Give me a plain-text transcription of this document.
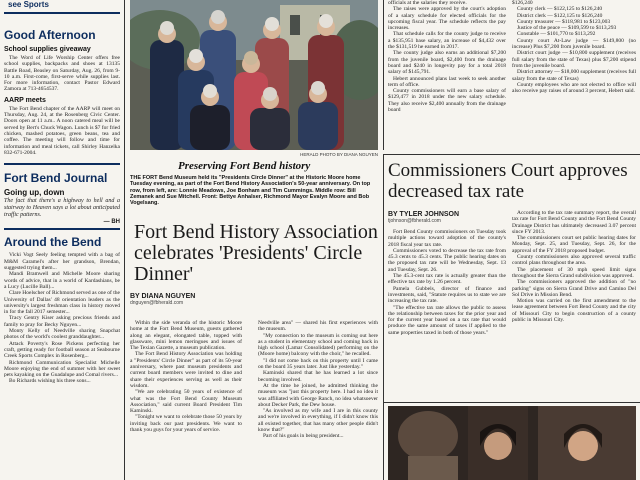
see Sports
Good Afternoon
School supplies giveaway

The Word of Life Worship Center offers free school supplies, backpacks and shoes at 13135 Battle Road, Beasley on Saturday, Aug. 26, from 9-10 a.m. First-come, first-serve while supplies last. For more information, contact Pastor Edward Zamora at 713-4654537.

AARP meets

The Fort Bend chapter of the AARP will meet on Thursday, Aug. 24, at the Rosenberg Civic Center. Doors open at 11 a.m.. A noon catered meal will be served by Bert's Chuck Wagon. Lunch is $7 for fried chicken, mashed potatoes, green beans, tea and coffee. The meeting will follow and time for information and meal tickets, call Shirley Hanzelka 832-671-2004.

Fort Bend Journal
Going up, down

The fact that there's a highway to hell and a stairway to Heaven says a lot about anticipated traffic patterns.

— BH

Around the Bend

Vicki Vogt Seely feeling tempted with a bag of M&M Caramel's after her grandson, Brendan, suggested trying them...

Mandi Bramwell and Michelle Moore sharing words of advice, that in a world of Kardashians, be a Lucy (Lucille Ball)...

Clare Hoelscher of Richmond served as one of the University of Dallas' 48 orientation leaders as the university's largest freshman class in history moved in for the fall 2017 semester...

Tracy Gentry Kiser asking precious friends and family to pray for Becky Nguyen...

Monty Kelly of Needville sharing Snapchat photos of the world's coolest granddaughter...

Attack Poverty's Rose Pickens perfecting her craft, getting ready for football season at Seabourne Creek Sports Complex in Rosenberg...

Richmond Communication Specialist Michelle Moore enjoying the end of summer with her sweet pets kayaking on the Guadalupe and Comal rivers...

Bo Richards wishing his three sons...

HERALD PHOTO BY DIANA NGUYEN
Preserving Fort Bend history

THE FORT Bend Museum held its "Presidents Circle Dinner" at the Historic Moore home Tuesday evening, as part of the Fort Bend History Association's 50-year anniversary. On top row, from left, are: Lonnie Meadows, Joe Bonham and Tim Cummings. Middle row: Bill Zemanek and Sue Mitchell. Front: Bettye Anhalser, Richmond Mayor Evalyn Moore and Bob Vogelsang.

officials at the salaries they receive.

The raises were approved by the court's adoption of a salary schedule for elected officials for the upcoming fiscal year. The schedule reflects the pay increases.

That schedule calls for the county judge to receive a $135,951 base salary, an increase of $4,432 over the $131,519 he earned in 2017.

The county judge also earns an additional $7,200 from the juvenile board, $2,400 from the drainage board and $240 in longevity pay for a total 2018 salary of $145,791.

Hebert announced plans last week to seek another term of office.

County commissioners will earn a base salary of $129,477 in 2018 under the new salary schedule. They also receive $2,400 annually from the drainage board

$126,240

County clerk — $122,125 to $126,240

District clerk — $122,125 to $126,240

County treasurer — $118,981 to $123,003

Justice of the peace — $109,599 to $113,293

Constable — $101,770 to $113,292

County court At-Law judge — $149,800 (no increase) Plus $7,200 from juvenile board.

District court judge — $10,800 supplement (receives full salary from the state of Texas) plus $7,200 stipend from the juvenile board.

District attorney — $18,000 supplement (receives full salary from the state of Texas)

County employees who are not elected to office will also receive pay raises of around 3 percent, Hebert said.

Fort Bend History Association celebrates 'Presidents' Circle Dinner'

BY DIANA NGUYEN

dnguyen@fbherald.com

Within the side veranda of the historic Moore home at the Fort Bend Museum, guests gathered along an elegant, elongated table, topped with glassware, mini lemon meringues and issues of The Texian Gazette, a museum publication.

The Fort Bend History Association was holding a "Presidents' Circle Dinner" as part of its 50-year anniversary, where past museum presidents and current board members were invited to dine and share their experiences serving as well as their wisdom.

"We are celebrating 50 years of existence of what was the Fort Bend County Museum Association," said current Board President Tim Kaminski.

"Tonight we want to celebrate those 50 years by inviting back our past presidents. We want to thank you guys for your years of service.

Needville area" — shared his first experiences with the museum.

"My connection to the museum is coming out here as a student in elementary school and coming back in high school (Lamar Consolidated) performing on the (Moore home) balcony with the choir," he recalled.

"I did not come back on this property until I came on the board 35 years later. Just like yesterday."

Kaminski shared that he has learned a lot since becoming involved.

At the time he joined, he admitted thinking the museum was "just this property here. I had no idea it was affiliated with George Ranch, no idea whatsoever about Decker Park, the Dew house.

"As involved as my wife and I are in this county and we're involved in everything, if I didn't know this all existed together, that has many other people didn't know that?"

Part of his goals in being president...

Commissioners Court approves decreased tax rate

BY TYLER JOHNSON

tjohnson@fbherald.com

Fort Bend County commissioners on Tuesday took multiple actions toward adoption of the county's 2018 fiscal year tax rate.

Commissioners voted to decrease the tax rate from 45.3 cents to 45.3 cents. The public hearing dates on the proposed tax rate will be Wednesday, Sept. 13 and Tuesday, Sept. 26.

The 45.3-cent tax rate is actually greater than the effective tax rate by 1.26 percent.

Pamela Gubbels, director of finance and investments, said, "Statute requires us to state we are increasing the tax rate.

"The effective tax rate allows the public to assess the relationship between taxes for the prior year and for the current year based on a tax rate that would produce the same amount of taxes if applied to the same properties taxed in both of those years."

According to the tax rate summary report, the overall tax rate for Fort Bend County and the Fort Bend County Drainage District has ultimately decreased 3.07 percent since FY 2013.

The commissioners court set public hearing dates for Monday, Sept. 25, and Tuesday, Sept. 26, for the approval of the FY 2018 proposed budget.

County commissioners also approved several traffic control plans throughout the area.

The placement of 30 mph speed limit signs throughout the Sierra Grand subdivision was approved.

The commissioners approved the addition of "no parking" signs on Sierra Grand Drive and Camino Del Sol Drive in Mission Bend.

Motion was carried on the first amendment to the lease agreement between Fort Bend County and the city of Missouri City to begin construction of a county public in Missouri City.
